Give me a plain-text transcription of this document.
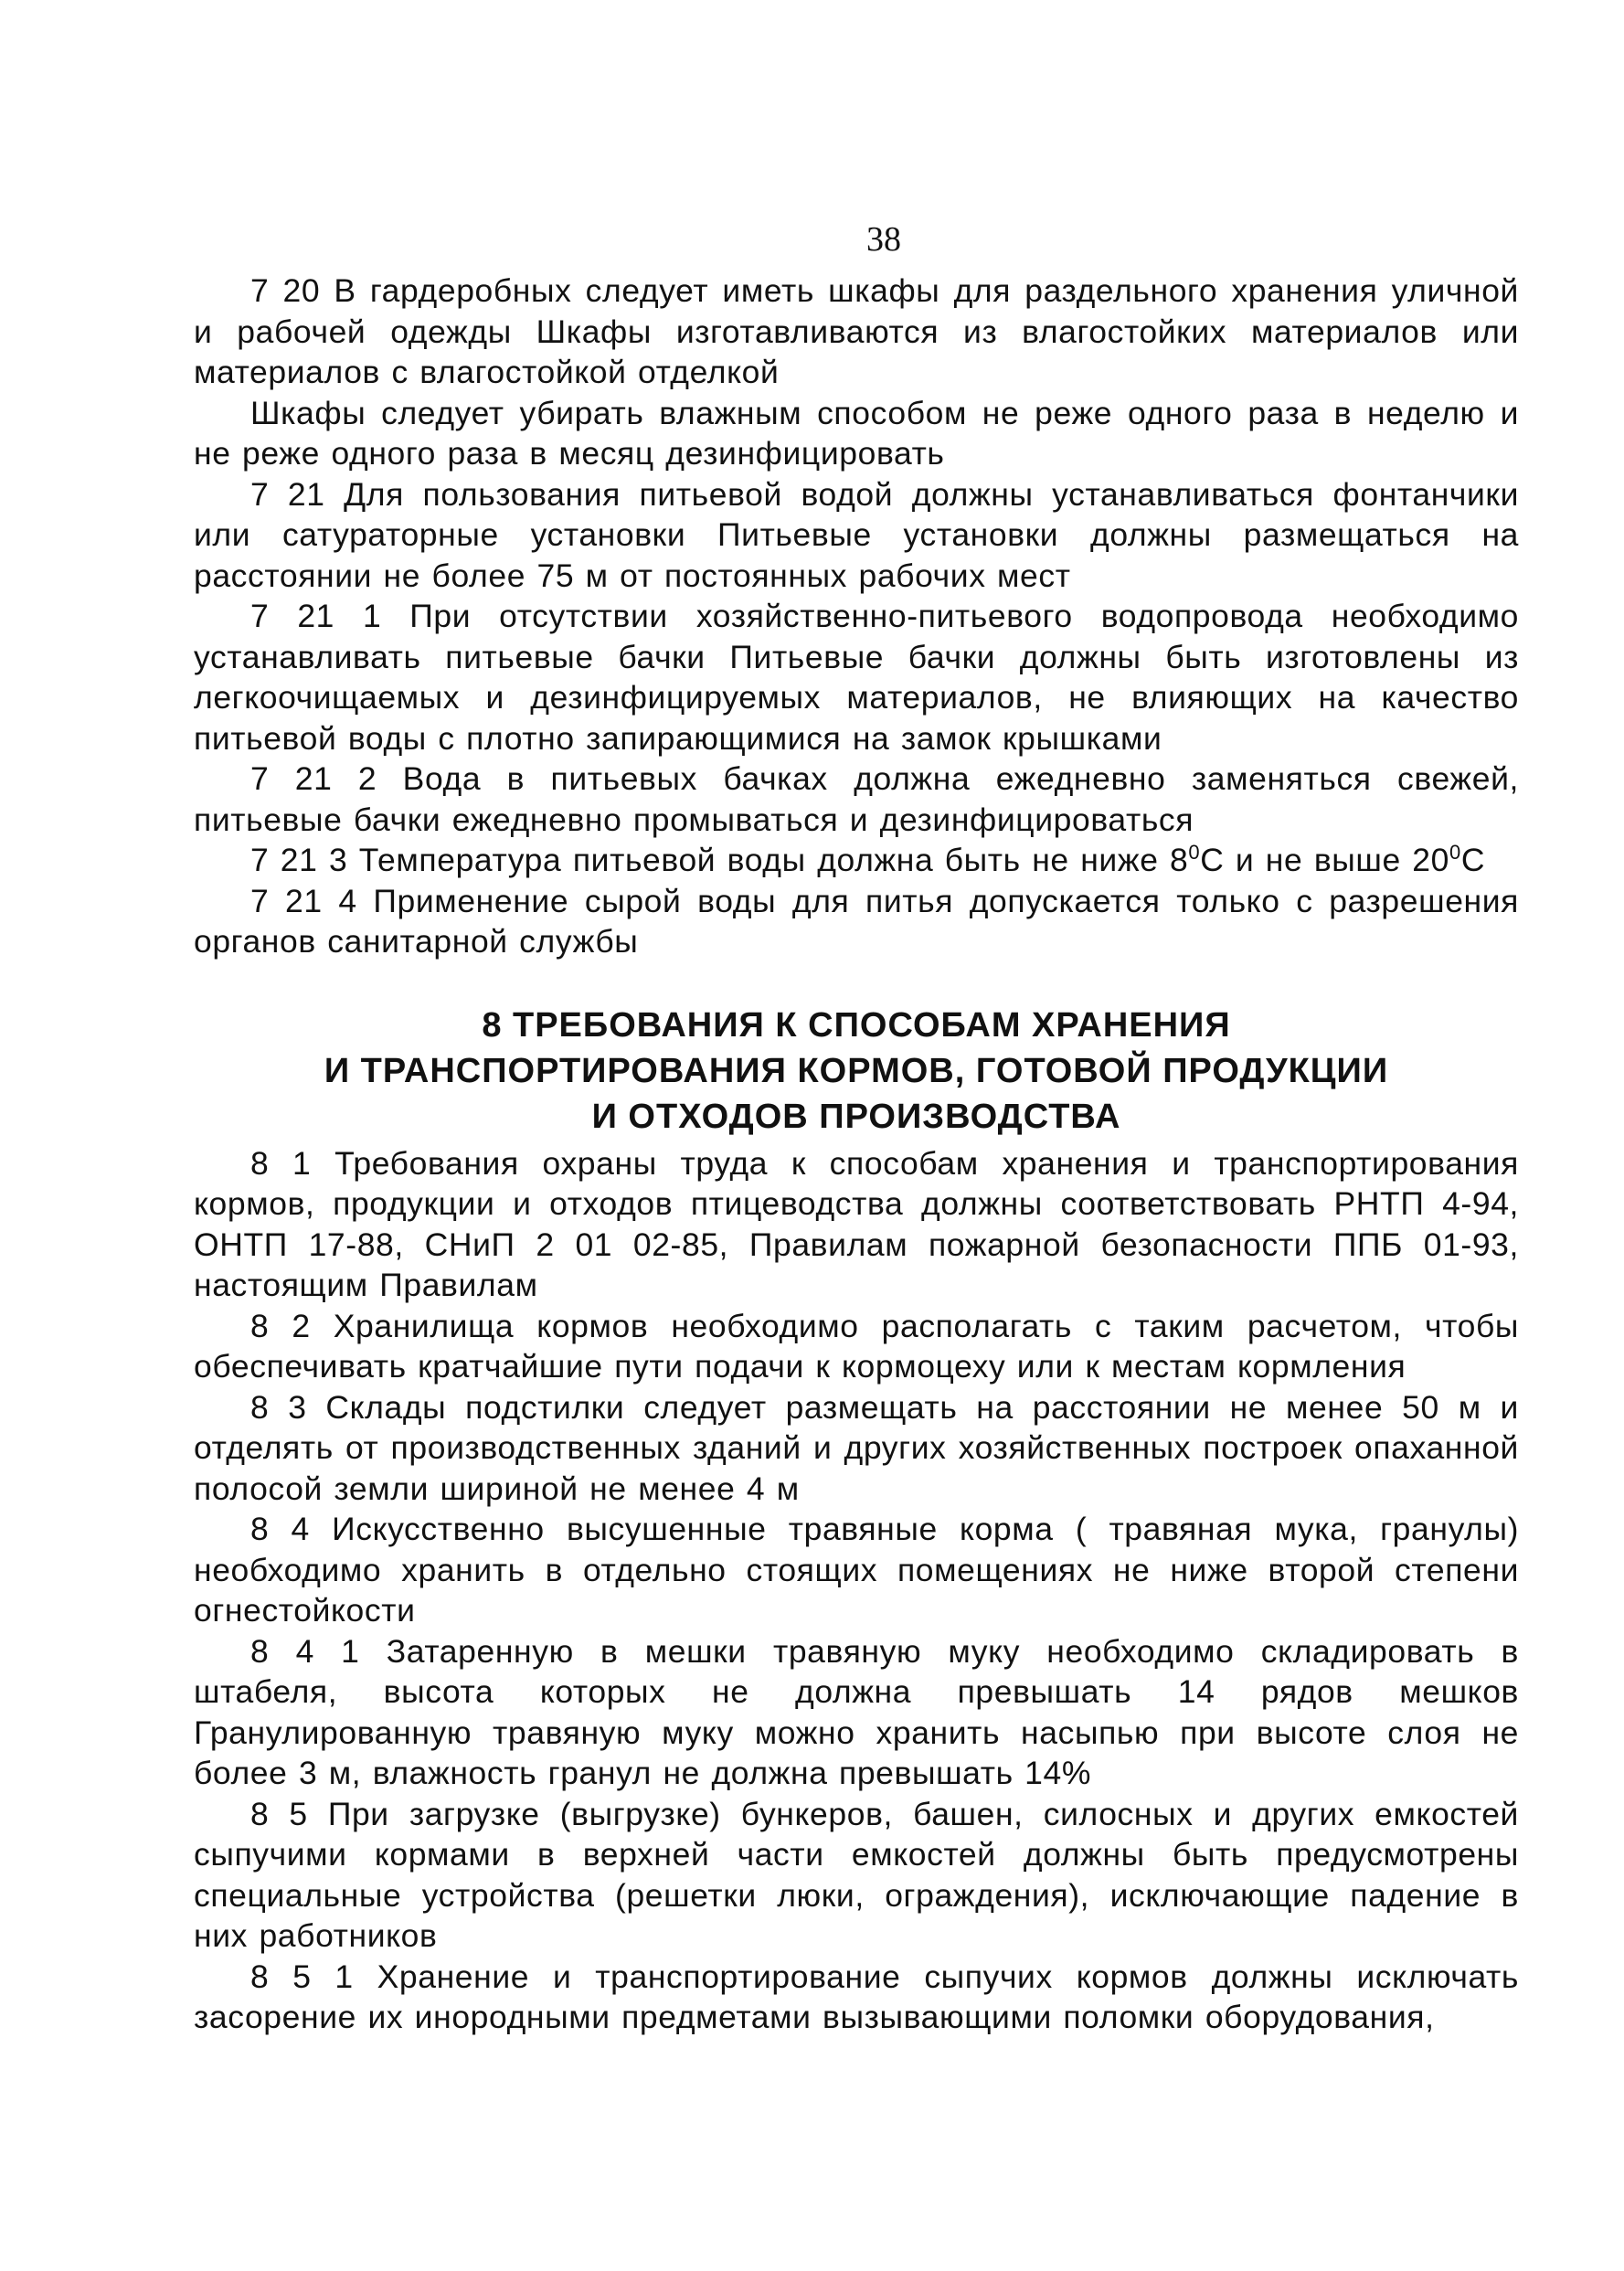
38

7 20 В гардеробных следует иметь шкафы для раздельного хранения уличной и рабочей одежды Шкафы изготавливаются из влагостойких материалов или материалов с влагостойкой отделкой

Шкафы следует убирать влажным способом не реже одного раза в неделю и не реже одного раза в месяц дезинфицировать

7 21 Для пользования питьевой водой должны устанавливаться фонтанчики или сатураторные установки Питьевые установки должны размещаться на расстоянии не более 75 м от постоянных рабочих мест

7 21 1 При отсутствии хозяйственно-питьевого водопровода необходимо устанавливать питьевые бачки Питьевые бачки должны быть изготовлены из легкоочищаемых и дезинфицируемых материалов, не влияющих на качество питьевой воды с плотно запирающимися на замок крышками

7 21 2 Вода в питьевых бачках должна ежедневно заменяться свежей, питьевые бачки ежедневно промываться и дезинфицироваться

7 21 3 Температура питьевой воды должна быть не ниже $8^0С$ и не выше $20^0С$

7 21 4 Применение сырой воды для питья допускается только с разрешения органов санитарной службы

8 ТРЕБОВАНИЯ К СПОСОБАМ ХРАНЕНИЯ
И ТРАНСПОРТИРОВАНИЯ КОРМОВ, ГОТОВОЙ ПРОДУКЦИИ
И ОТХОДОВ ПРОИЗВОДСТВА

8 1 Требования охраны труда к способам хранения и транспортирования кормов, продукции и отходов птицеводства должны соответствовать РНТП 4-94, ОНТП 17-88, СНиП 2 01 02-85, Правилам пожарной безопасности ППБ 01-93, настоящим Правилам

8 2 Хранилища кормов необходимо располагать с таким расчетом, чтобы обеспечивать кратчайшие пути подачи к кормоцеху или к местам кормления

8 3 Склады подстилки следует размещать на расстоянии не менее 50 м и отделять от производственных зданий и других хозяйственных построек опаханной полосой земли шириной не менее 4 м

8 4 Искусственно высушенные травяные корма ( травяная мука, гранулы) необходимо хранить в отдельно стоящих помещениях не ниже второй степени огнестойкости

8 4 1 Затаренную в мешки травяную муку необходимо складировать в штабеля, высота которых не должна превышать 14 рядов мешков Гранулированную травяную муку можно хранить насыпью при высоте слоя не более 3 м, влажность гранул не должна превышать 14%

8 5 При загрузке (выгрузке) бункеров, башен, силосных и других емкостей сыпучими кормами в верхней части емкостей должны быть предусмотрены специальные устройства (решетки люки, ограждения), исключающие падение в них работников

8 5 1 Хранение и транспортирование сыпучих кормов должны исключать засорение их инородными предметами вызывающими поломки оборудования,
